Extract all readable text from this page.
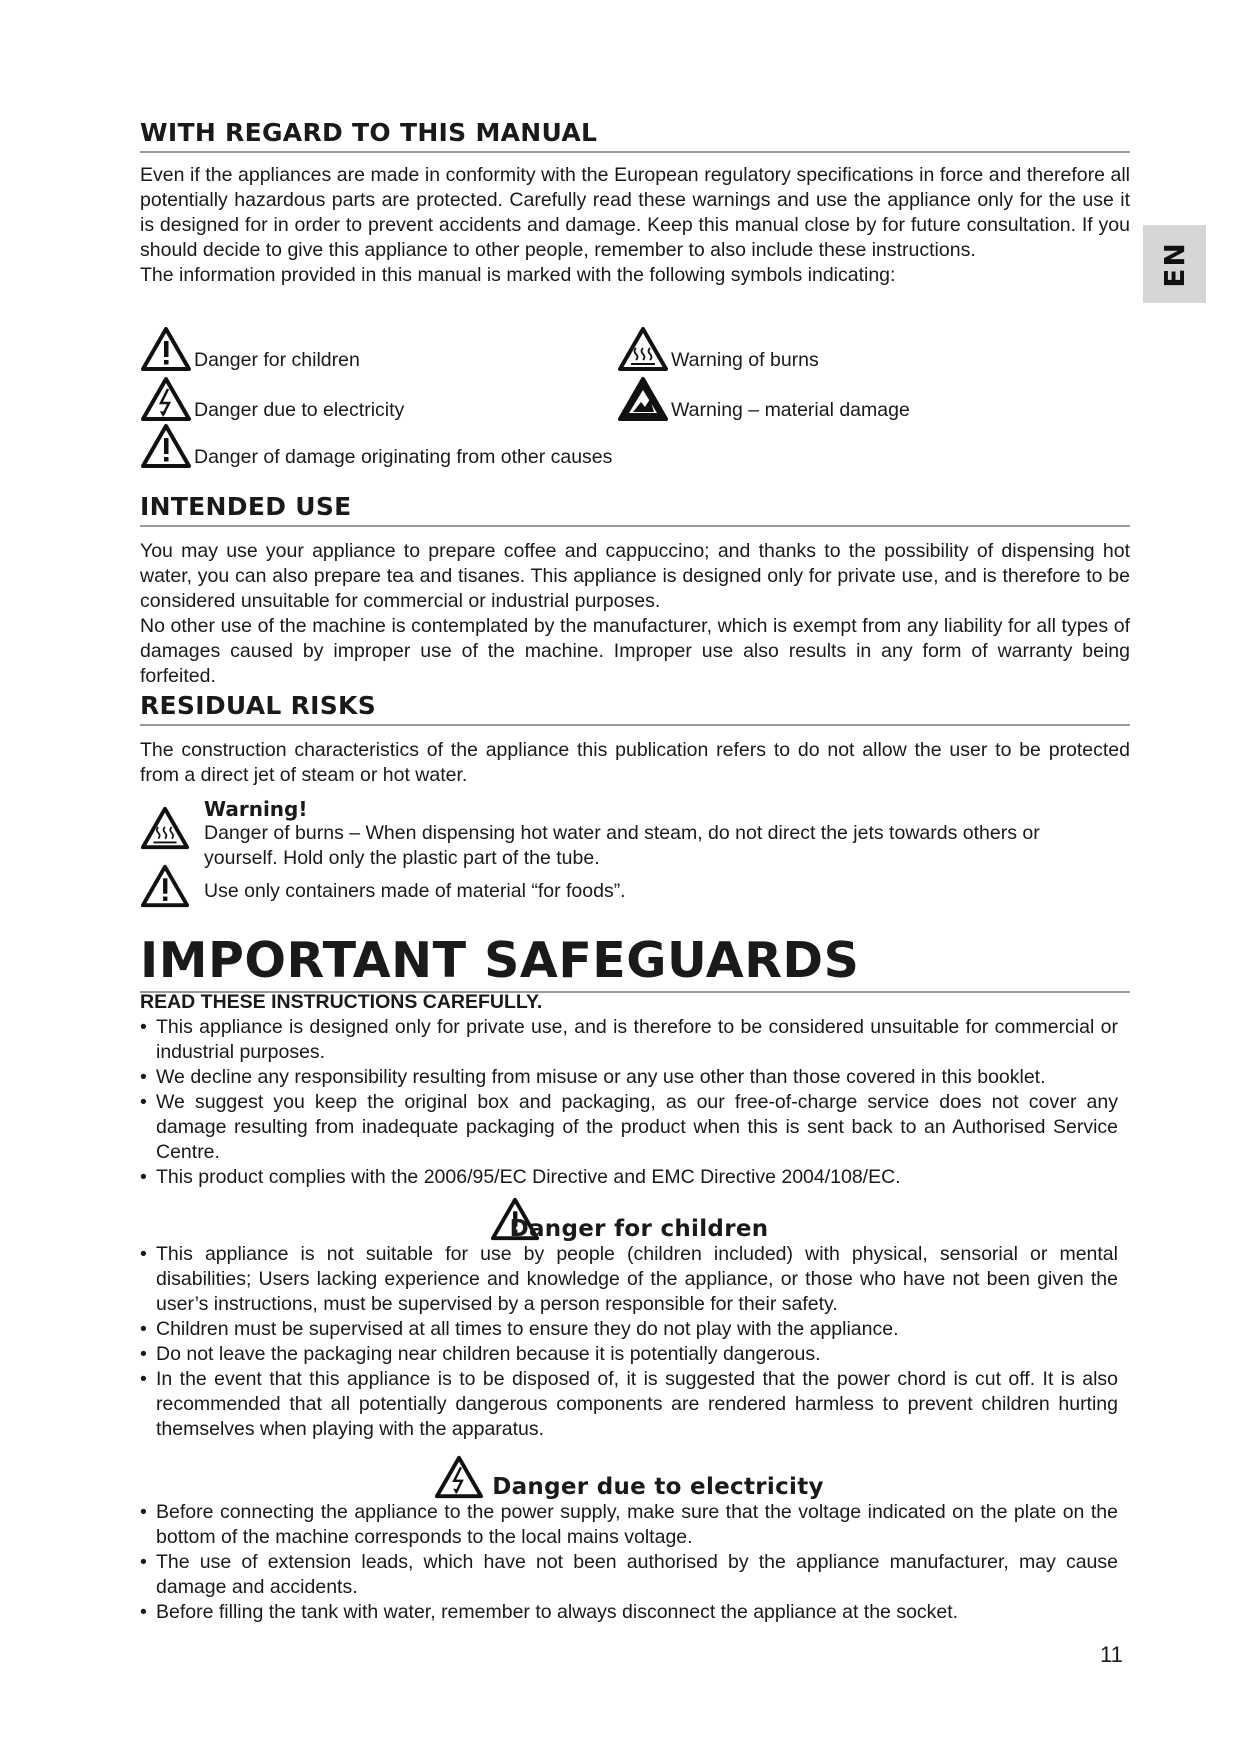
EN
WITH REGARD TO THIS MANUAL

Even if the appliances are made in conformity with the European regulatory specifications in force and therefore all potentially hazardous parts are protected. Carefully read these warnings and use the appliance only for the use it is designed for in order to prevent accidents and damage. Keep this manual close by for future consultation. If you should decide to give this appliance to other people, remember to also include these instructions.

The information provided in this manual is marked with the following symbols indicating:

Danger for children
Danger due to electricity
Danger of damage originating from other causes
Warning of burns
Warning – material damage
INTENDED USE

You may use your appliance to prepare coffee and cappuccino; and thanks to the possibility of dispensing hot water, you can also prepare tea and tisanes. This appliance is designed only for private use, and is therefore to be considered unsuitable for commercial or industrial purposes.

No other use of the machine is contemplated by the manufacturer, which is exempt from any liability for all types of damages caused by improper use of the machine. Improper use also results in any form of warranty being forfeited.

RESIDUAL RISKS

The construction characteristics of the appliance this publication refers to do not allow the user to be protected from a direct jet of steam or hot water.

Warning!

Danger of burns – When dispensing hot water and steam, do not direct the jets towards others or yourself. Hold only the plastic part of the tube.

Use only containers made of material “for foods”.

IMPORTANT SAFEGUARDS
READ THESE INSTRUCTIONS CAREFULLY.
• This appliance is designed only for private use, and is therefore to be considered unsuitable for commercial or industrial purposes.
• We decline any responsibility resulting from misuse or any use other than those covered in this booklet.
• We suggest you keep the original box and packaging, as our free-of-charge service does not cover any damage resulting from inadequate packaging of the product when this is sent back to an Authorised Service Centre.
• This product complies with the 2006/95/EC Directive and EMC Directive 2004/108/EC.
Danger for children
• This appliance is not suitable for use by people (children included) with physical, sensorial or mental disabilities; Users lacking experience and knowledge of the appliance, or those who have not been given the user’s instructions, must be supervised by a person responsible for their safety.
• Children must be supervised at all times to ensure they do not play with the appliance.
• Do not leave the packaging near children because it is potentially dangerous.
• In the event that this appliance is to be disposed of, it is suggested that the power chord is cut off. It is also recommended that all potentially dangerous components are rendered harmless to prevent children hurting themselves when playing with the apparatus.
Danger due to electricity
• Before connecting the appliance to the power supply, make sure that the voltage indicated on the plate on the bottom of the machine corresponds to the local mains voltage.
• The use of extension leads, which have not been authorised by the appliance manufacturer, may cause damage and accidents.
• Before filling the tank with water, remember to always disconnect the appliance at the socket.
11
